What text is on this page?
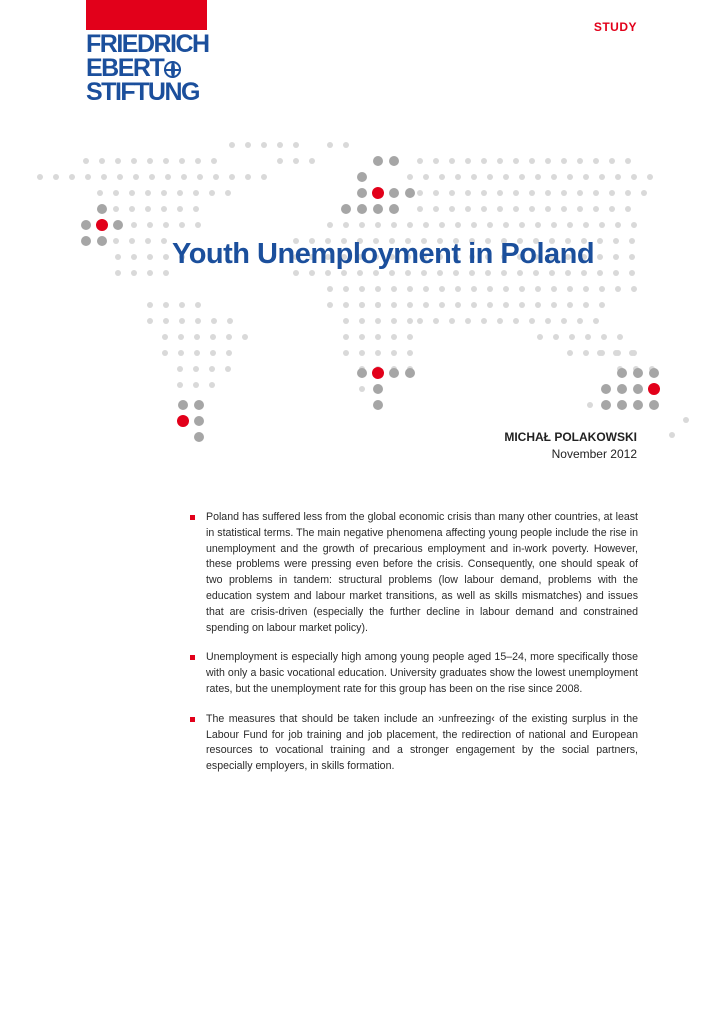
FRIEDRICH
EBERT
STIFTUNG
STUDY
Youth Unemployment in Poland
MICHAŁ POLAKOWSKI
November 2012
Poland has suffered less from the global economic crisis than many other countries, at least in statistical terms. The main negative phenomena affecting young people include the rise in unemployment and the growth of precarious employment and in-work poverty. However, these problems were pressing even before the crisis. Consequently, one should speak of two problems in tandem: structural problems (low labour demand, problems with the education system and labour market transitions, as well as skills mismatches) and issues that are crisis-driven (especially the further decline in labour demand and constrained spending on labour market policy).
Unemployment is especially high among young people aged 15–24, more specifically those with only a basic vocational education. University graduates show the lowest unemployment rates, but the unemployment rate for this group has been on the rise since 2008.
The measures that should be taken include an ›unfreezing‹ of the existing surplus in the Labour Fund for job training and job placement, the redirection of national and European resources to vocational training and a stronger engagement by the social partners, especially employers, in skills formation.
